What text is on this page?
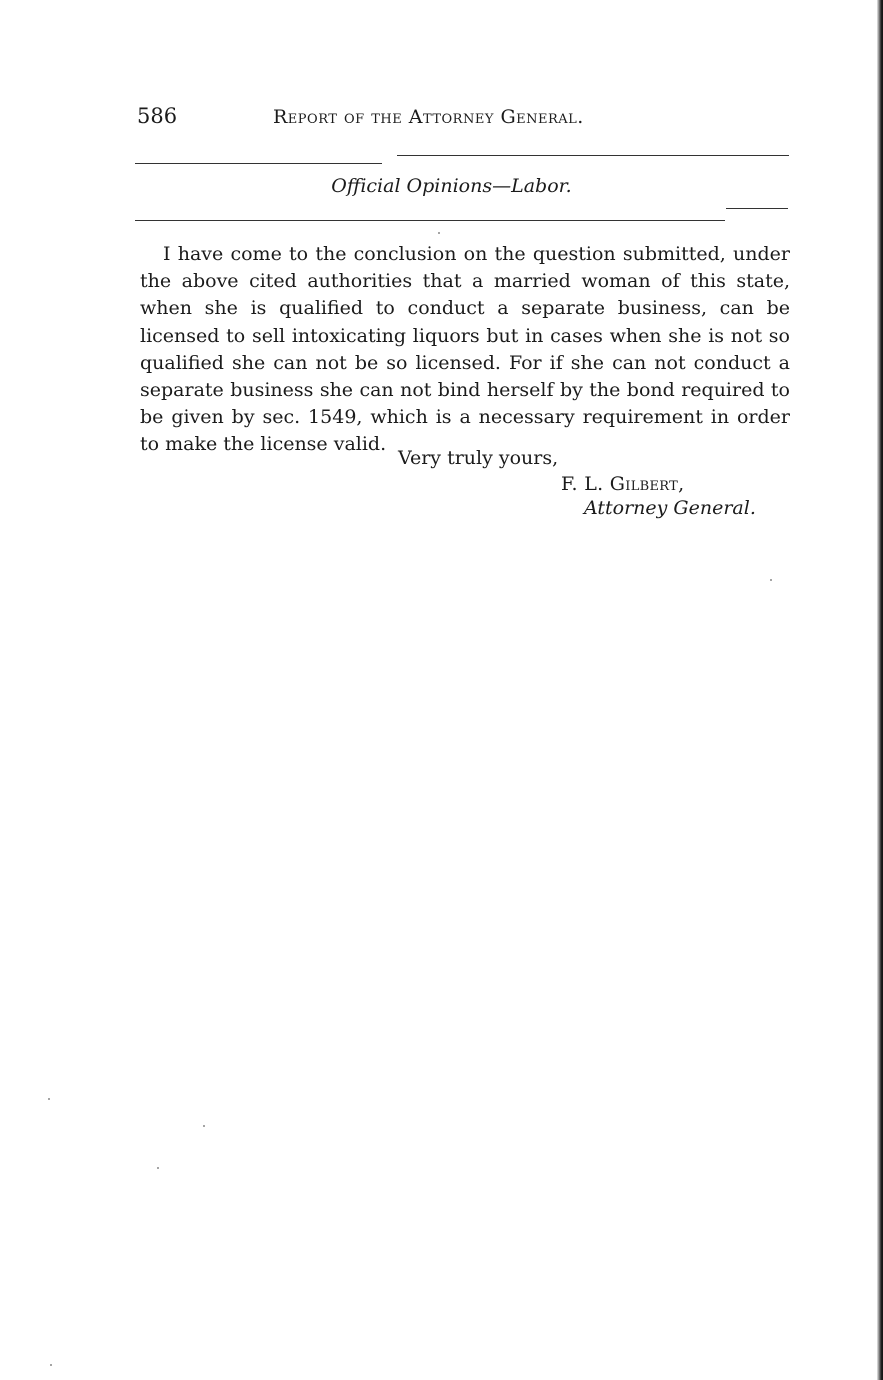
586	Report of the Attorney General.
Official Opinions—Labor.

I have come to the conclusion on the question submitted, under the above cited authorities that a married woman of this state, when she is qualified to conduct a separate business, can be licensed to sell intoxicating liquors but in cases when she is not so qualified she can not be so licensed. For if she can not conduct a separate business she can not bind herself by the bond required to be given by sec. 1549, which is a necessary requirement in order to make the license valid.

Very truly yours,
F. L. Gilbert,
Attorney General.
